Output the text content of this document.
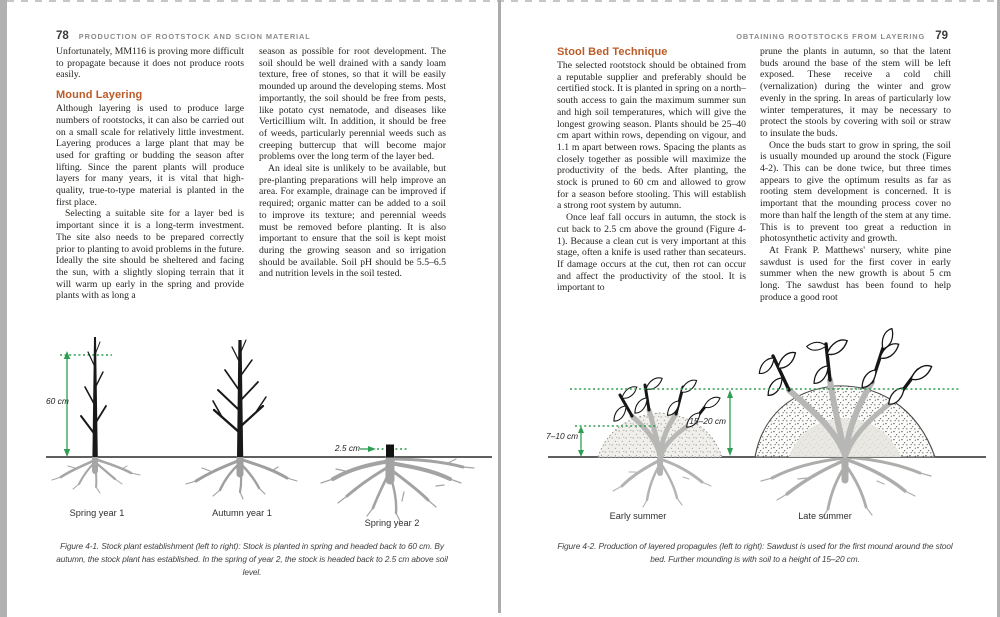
78 PRODUCTION OF ROOTSTOCK AND SCION MATERIAL

Unfortunately, MM116 is proving more difficult to propagate because it does not produce roots easily.

Mound Layering

Although layering is used to produce large numbers of rootstocks, it can also be carried out on a small scale for relatively little investment. Layering produces a large plant that may be used for grafting or budding the season after lifting. Since the parent plants will produce layers for many years, it is vital that high-quality, true-to-type material is planted in the first place.

Selecting a suitable site for a layer bed is important since it is a long-term investment. The site also needs to be prepared correctly prior to planting to avoid problems in the future. Ideally the site should be sheltered and facing the sun, with a slightly sloping terrain that it will warm up early in the spring and provide plants with as long a

season as possible for root development. The soil should be well drained with a sandy loam texture, free of stones, so that it will be easily mounded up around the developing stems. Most importantly, the soil should be free from pests, like potato cyst nematode, and diseases like Verticillium wilt. In addition, it should be free of weeds, particularly perennial weeds such as creeping buttercup that will become major problems over the long term of the layer bed.

An ideal site is unlikely to be available, but pre-planting preparations will help improve an area. For example, drainage can be improved if required; organic matter can be added to a soil to improve its texture; and perennial weeds must be removed before planting. It is also important to ensure that the soil is kept moist during the growing season and so irrigation should be available. Soil pH should be 5.5–6.5 and nutrition levels in the soil tested.

60 cm
2.5 cm
Spring year 1	Autumn year 1
Spring year 2
Figure 4-1. Stock plant establishment (left to right): Stock is planted in spring and headed back to 60 cm. By autumn, the stock plant has established. In the spring of year 2, the stock is headed back to 2.5 cm above soil level.
OBTAINING ROOTSTOCKS FROM LAYERING 79
Stool Bed Technique

The selected rootstock should be obtained from a reputable supplier and preferably should be certified stock. It is planted in spring on a north–south access to gain the maximum summer sun and high soil temperatures, which will give the longest growing season. Plants should be 25–40 cm apart within rows, depending on vigour, and 1.1 m apart between rows. Spacing the plants as closely together as possible will maximize the productivity of the beds. After planting, the stock is pruned to 60 cm and allowed to grow for a season before stooling. This will establish a strong root system by autumn.

Once leaf fall occurs in autumn, the stock is cut back to 2.5 cm above the ground (Figure 4-1). Because a clean cut is very important at this stage, often a knife is used rather than secateurs. If damage occurs at the cut, then rot can occur and affect the productivity of the stool. It is important to

prune the plants in autumn, so that the latent buds around the base of the stem will be left exposed. These receive a cold chill (vernalization) during the winter and grow evenly in the spring. In areas of particularly low winter temperatures, it may be necessary to protect the stools by covering with soil or straw to insulate the buds.

Once the buds start to grow in spring, the soil is usually mounded up around the stock (Figure 4-2). This can be done twice, but three times appears to give the optimum results as far as rooting stem development is concerned. It is important that the mounding process cover no more than half the length of the stem at any time. This is to prevent too great a reduction in photosynthetic activity and growth.

At Frank P. Matthews' nursery, white pine sawdust is used for the first cover in early summer when the new growth is about 5 cm long. The sawdust has been found to help produce a good root

7–10 cm
15–20 cm
Early summer	Late summer
Figure 4-2. Production of layered propagules (left to right): Sawdust is used for the first mound around the stool bed. Further mounding is with soil to a height of 15–20 cm.
